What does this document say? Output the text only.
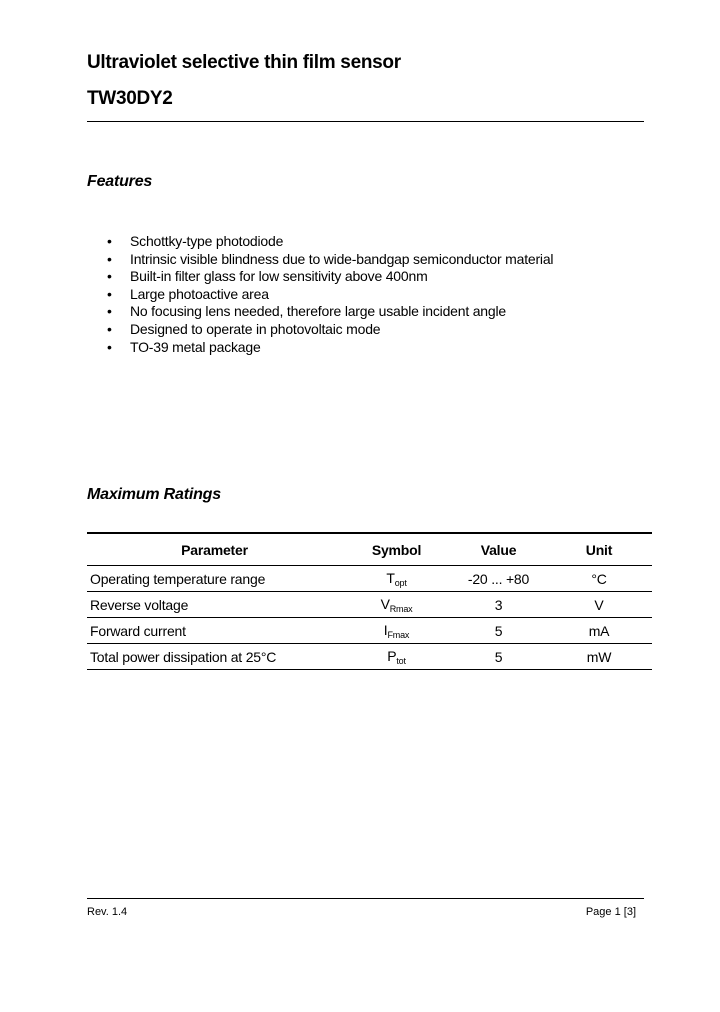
Ultraviolet selective thin film sensor
TW30DY2
Features
• Schottky-type photodiode
• Intrinsic visible blindness due to wide-bandgap semiconductor material
• Built-in filter glass for low sensitivity above 400nm
• Large photoactive area
• No focusing lens needed, therefore large usable incident angle
• Designed to operate in photovoltaic mode
• TO-39 metal package
Maximum Ratings
Parameter	Symbol	Value	Unit
Operating temperature range	$T_{opt}$	-20 ... +80	°C
Reverse voltage	$V_{Rmax}$	3	V
Forward current	$I_{Fmax}$	5	mA
Total power dissipation at 25°C	$P_{tot}$	5	mW
Rev. 1.4	Page 1 [3]
